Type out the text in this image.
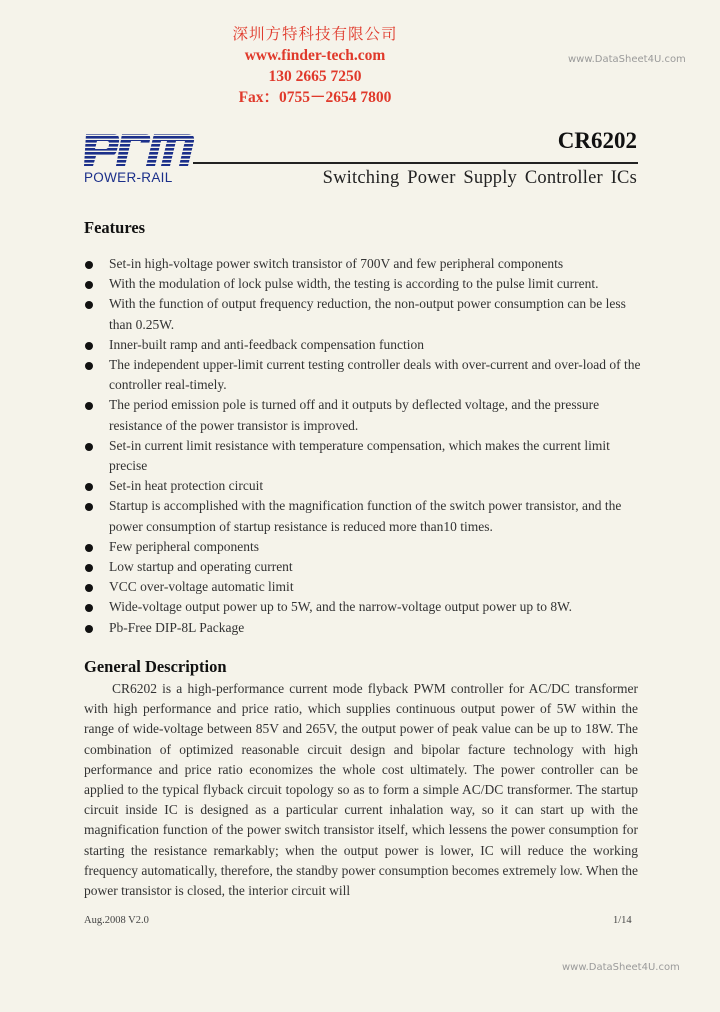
深圳方特科技有限公司
www.finder-tech.com
130 2665 7250
Fax：0755－2654 7800
www.DataSheet4U.com
POWER-RAIL
CR6202
Switching Power Supply Controller ICs
Features
Set-in high-voltage power switch transistor of 700V and few peripheral components
With the modulation of lock pulse width, the testing is according to the pulse limit current.
With the function of output frequency reduction, the non-output power consumption can be less than 0.25W.
Inner-built ramp and anti-feedback compensation function
The independent upper-limit current testing controller deals with over-current and over-load of the controller real-timely.
The period emission pole is turned off and it outputs by deflected voltage, and the pressure resistance of the power transistor is improved.
Set-in current limit resistance with temperature compensation, which makes the current limit precise
Set-in heat protection circuit
Startup is accomplished with the magnification function of the switch power transistor, and the power consumption of startup resistance is reduced more than10 times.
Few peripheral components
Low startup and operating current
VCC over-voltage automatic limit
Wide-voltage output power up to 5W, and the narrow-voltage output power up to 8W.
Pb-Free DIP-8L Package
General Description

CR6202 is a high-performance current mode flyback PWM controller for AC/DC transformer with high performance and price ratio, which supplies continuous output power of 5W within the range of wide-voltage between 85V and 265V, the output power of peak value can be up to 18W. The combination of optimized reasonable circuit design and bipolar facture technology with high performance and price ratio economizes the whole cost ultimately. The power controller can be applied to the typical flyback circuit topology so as to form a simple AC/DC transformer. The startup circuit inside IC is designed as a particular current inhalation way, so it can start up with the magnification function of the power switch transistor itself, which lessens the power consumption for starting the resistance remarkably; when the output power is lower, IC will reduce the working frequency automatically, therefore, the standby power consumption becomes extremely low. When the power transistor is closed, the interior circuit will

Aug.2008 V2.0	1/14
www.DataSheet4U.com
